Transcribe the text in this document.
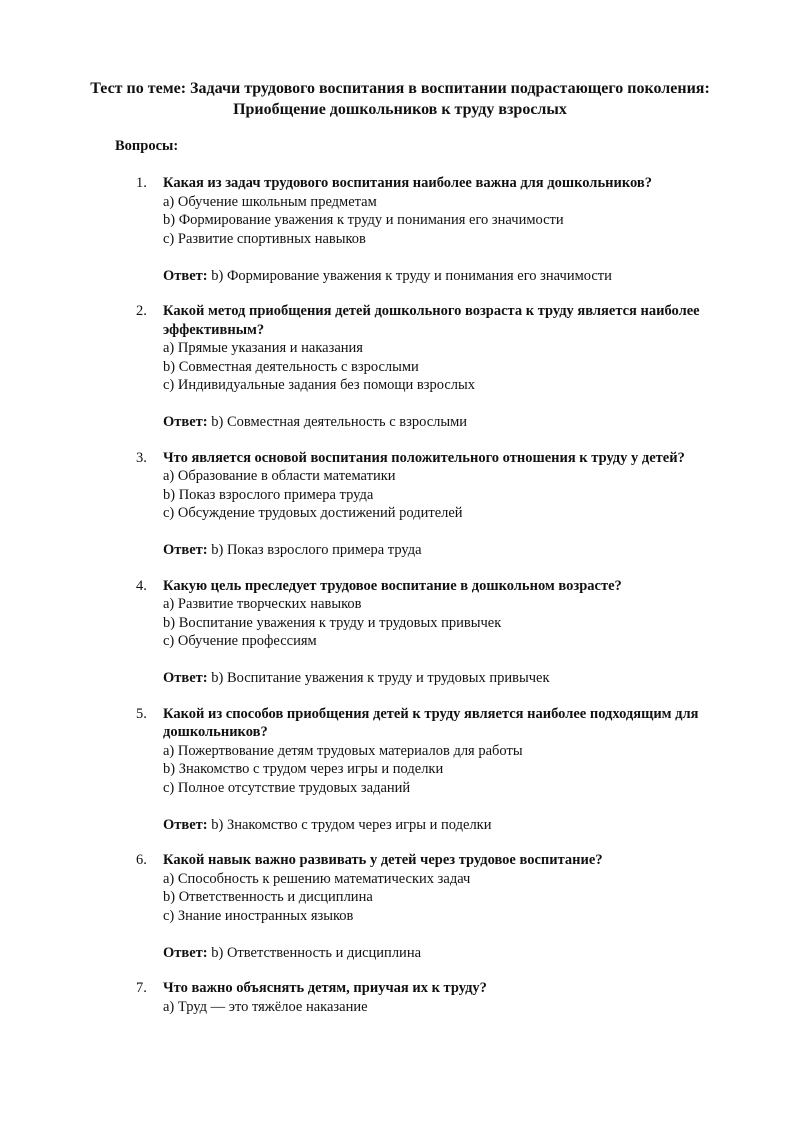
Тест по теме: Задачи трудового воспитания в воспитании подрастающего поколения: Приобщение дошкольников к труду взрослых
Вопросы:
1. Какая из задач трудового воспитания наиболее важна для дошкольников?
a) Обучение школьным предметам
b) Формирование уважения к труду и понимания его значимости
c) Развитие спортивных навыков
Ответ: b) Формирование уважения к труду и понимания его значимости
2. Какой метод приобщения детей дошкольного возраста к труду является наиболее эффективным?
a) Прямые указания и наказания
b) Совместная деятельность с взрослыми
c) Индивидуальные задания без помощи взрослых
Ответ: b) Совместная деятельность с взрослыми
3. Что является основой воспитания положительного отношения к труду у детей?
a) Образование в области математики
b) Показ взрослого примера труда
c) Обсуждение трудовых достижений родителей
Ответ: b) Показ взрослого примера труда
4. Какую цель преследует трудовое воспитание в дошкольном возрасте?
a) Развитие творческих навыков
b) Воспитание уважения к труду и трудовых привычек
c) Обучение профессиям
Ответ: b) Воспитание уважения к труду и трудовых привычек
5. Какой из способов приобщения детей к труду является наиболее подходящим для дошкольников?
a) Пожертвование детям трудовых материалов для работы
b) Знакомство с трудом через игры и поделки
c) Полное отсутствие трудовых заданий
Ответ: b) Знакомство с трудом через игры и поделки
6. Какой навык важно развивать у детей через трудовое воспитание?
a) Способность к решению математических задач
b) Ответственность и дисциплина
c) Знание иностранных языков
Ответ: b) Ответственность и дисциплина
7. Что важно объяснять детям, приучая их к труду?
a) Труд — это тяжёлое наказание
